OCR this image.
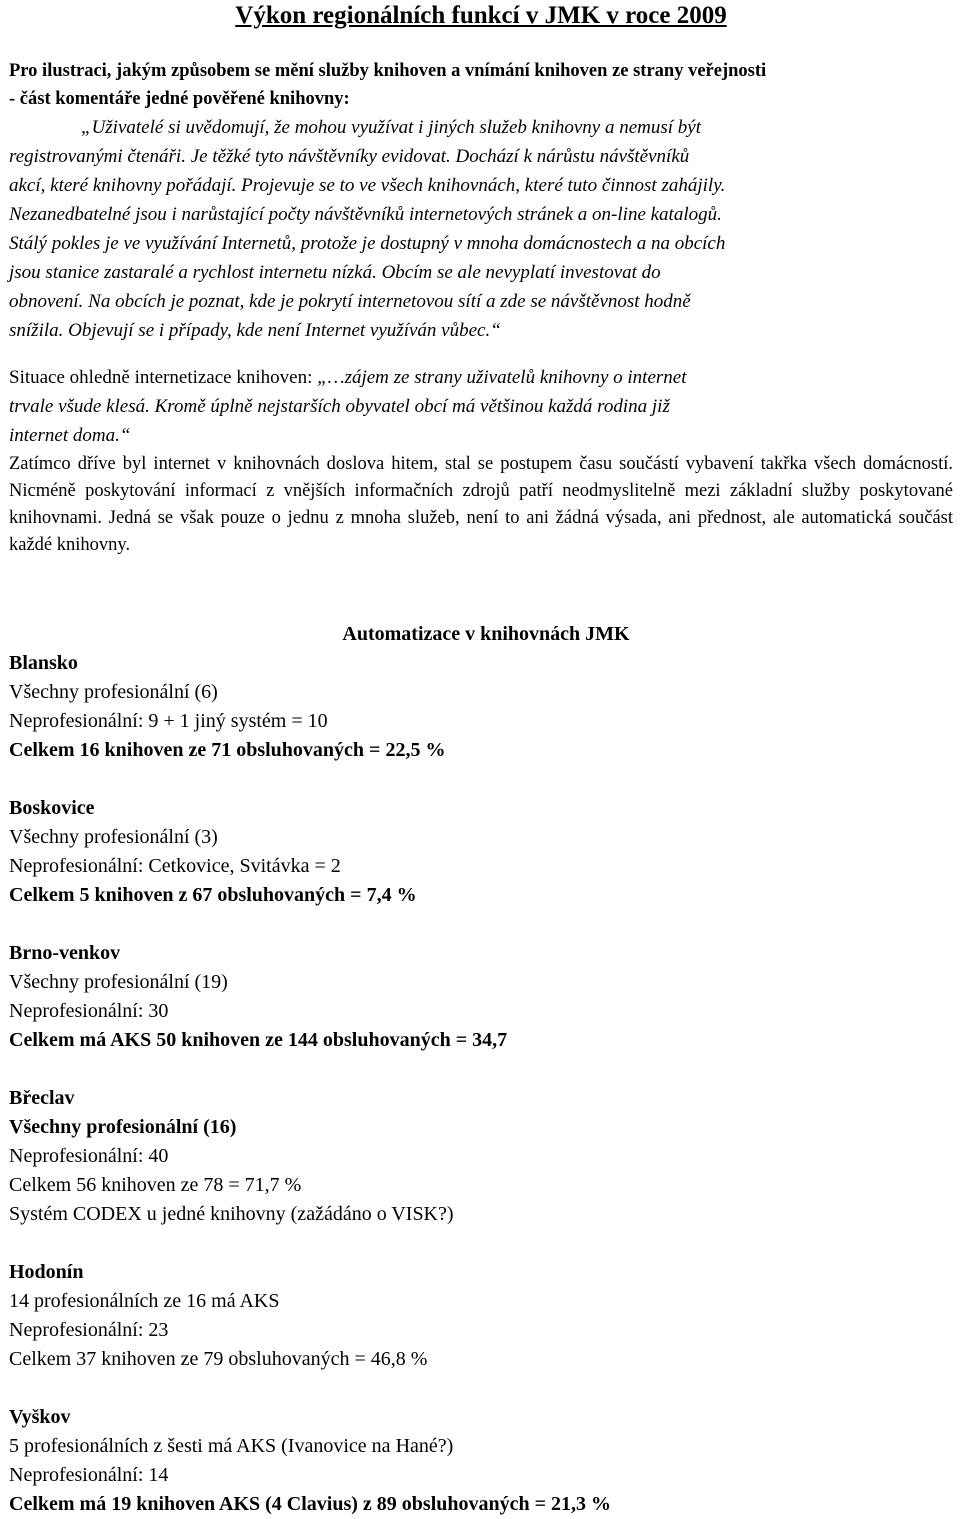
Výkon regionálních funkcí v JMK v roce 2009
Pro ilustraci, jakým způsobem se mění služby knihoven a vnímání knihoven ze strany veřejnosti
- část komentáře jedné pověřené knihovny:
„Uživatelé si uvědomují, že mohou využívat i jiných služeb knihovny a nemusí být
registrovanými čtenáři. Je těžké tyto návštěvníky evidovat. Dochází k nárůstu návštěvníků
akcí, které knihovny pořádají. Projevuje se to ve všech knihovnách, které tuto činnost zahájily.
Nezanedbatelné jsou i narůstající počty návštěvníků internetových stránek a on-line katalogů.
Stálý pokles je ve využívání Internetů, protože je dostupný v mnoha domácnostech a na obcích
jsou stanice zastaralé a rychlost internetu nízká. Obcím se ale nevyplatí investovat do
obnovení. Na obcích je poznat, kde je pokrytí internetovou sítí a zde se návštěvnost hodně
snížila. Objevují se i případy, kde není Internet využíván vůbec.“
Situace ohledně internetizace knihoven: „…zájem ze strany uživatelů knihovny o internet
trvale všude klesá. Kromě úplně nejstarších obyvatel obcí má většinou každá rodina již
internet doma.“

Zatímco dříve byl internet v knihovnách doslova hitem, stal se postupem času součástí vybavení takřka všech domácností. Nicméně poskytování informací z vnějších informačních zdrojů patří neodmyslitelně mezi základní služby poskytované knihovnami. Jedná se však pouze o jednu z mnoha služeb, není to ani žádná výsada, ani přednost, ale automatická součást každé knihovny.

Automatizace v knihovnách JMK
Blansko
Všechny profesionální (6)
Neprofesionální: 9 + 1 jiný systém = 10
Celkem 16 knihoven ze 71 obsluhovaných = 22,5 %
Boskovice
Všechny profesionální (3)
Neprofesionální: Cetkovice, Svitávka = 2
Celkem 5 knihoven z 67 obsluhovaných = 7,4 %
Brno-venkov
Všechny profesionální (19)
Neprofesionální: 30
Celkem má AKS 50 knihoven ze 144 obsluhovaných = 34,7
Břeclav
Všechny profesionální (16)
Neprofesionální: 40
Celkem 56 knihoven ze 78 = 71,7 %
Systém CODEX u jedné knihovny (zažádáno o VISK?)
Hodonín
14 profesionálních ze 16 má AKS
Neprofesionální: 23
Celkem 37 knihoven ze 79 obsluhovaných = 46,8 %
Vyškov
5 profesionálních z šesti má AKS (Ivanovice na Hané?)
Neprofesionální: 14
Celkem má 19 knihoven AKS (4 Clavius) z 89 obsluhovaných = 21,3 %
